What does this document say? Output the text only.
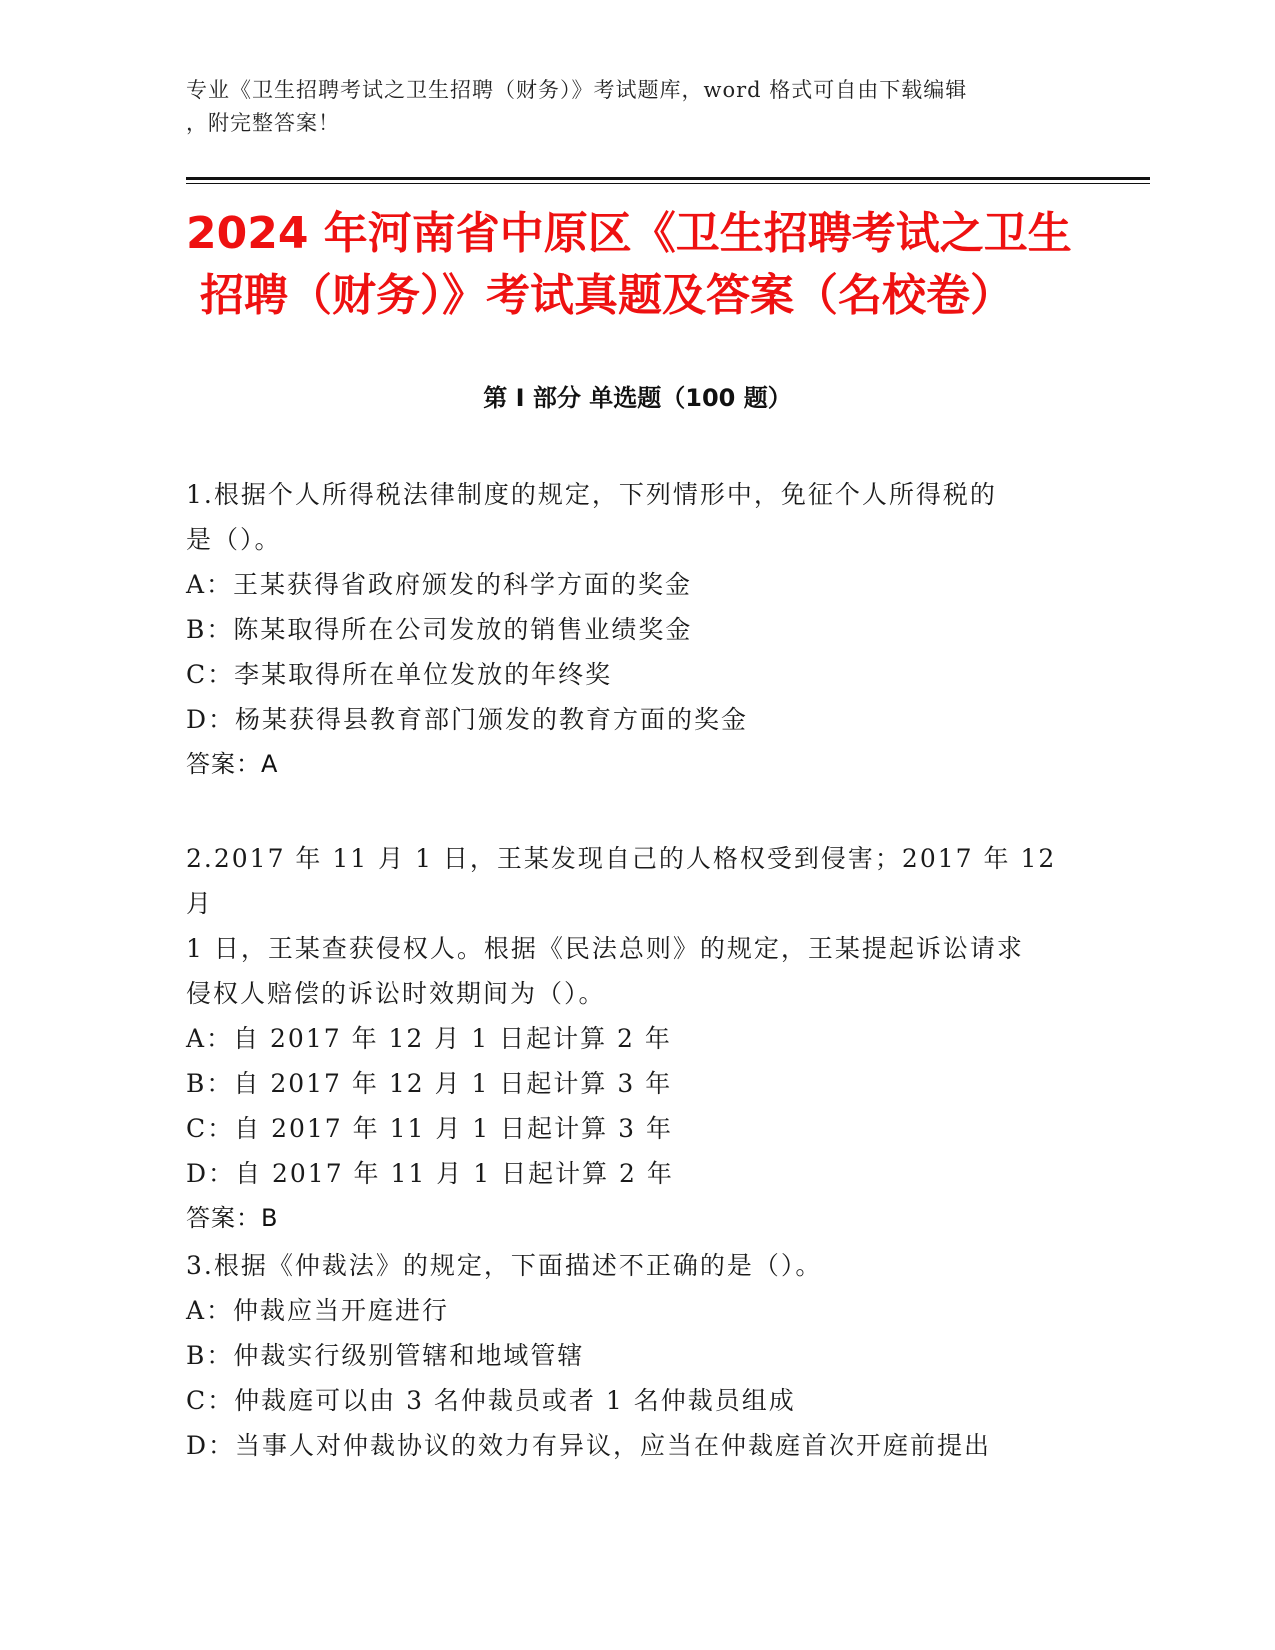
专业《卫生招聘考试之卫生招聘（财务）》考试题库，word 格式可自由下载编辑
，附完整答案！
2024 年河南省中原区《卫生招聘考试之卫生
招聘（财务）》考试真题及答案（名校卷）
第 I 部分 单选题（100 题）
1.根据个人所得税法律制度的规定，下列情形中，免征个人所得税的
是（）。
A：王某获得省政府颁发的科学方面的奖金
B：陈某取得所在公司发放的销售业绩奖金
C：李某取得所在单位发放的年终奖
D：杨某获得县教育部门颁发的教育方面的奖金
答案：A
2.2017 年 11 月 1 日，王某发现自己的人格权受到侵害；2017 年 12 月
1 日，王某查获侵权人。根据《民法总则》的规定，王某提起诉讼请求
侵权人赔偿的诉讼时效期间为（）。
A：自 2017 年 12 月 1 日起计算 2 年
B：自 2017 年 12 月 1 日起计算 3 年
C：自 2017 年 11 月 1 日起计算 3 年
D：自 2017 年 11 月 1 日起计算 2 年
答案：B
3.根据《仲裁法》的规定，下面描述不正确的是（）。
A：仲裁应当开庭进行
B：仲裁实行级别管辖和地域管辖
C：仲裁庭可以由 3 名仲裁员或者 1 名仲裁员组成
D：当事人对仲裁协议的效力有异议，应当在仲裁庭首次开庭前提出
